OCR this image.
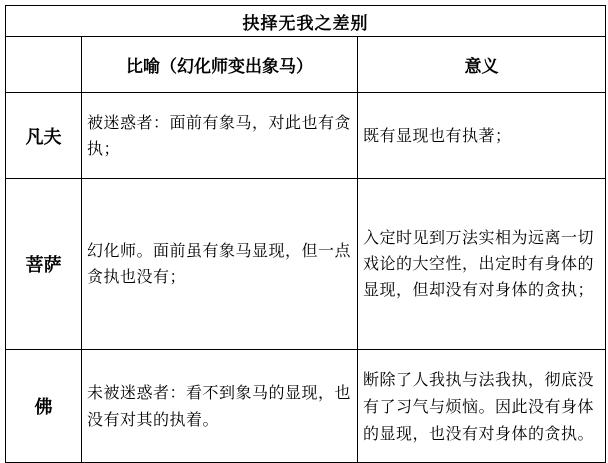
抉择无我之差别		
	比喻（幻化师变出象马）	意义
凡夫	被迷惑者：面前有象马，对此也有贪执；	既有显现也有执著；
菩萨	幻化师。面前虽有象马显现，但一点贪执也没有；	入定时见到万法实相为远离一切戏论的大空性，出定时有身体的显现，但却没有对身体的贪执；
佛	未被迷惑者：看不到象马的显现，也没有对其的执着。	断除了人我执与法我执，彻底没有了习气与烦恼。因此没有身体的显现，也没有对身体的贪执。
